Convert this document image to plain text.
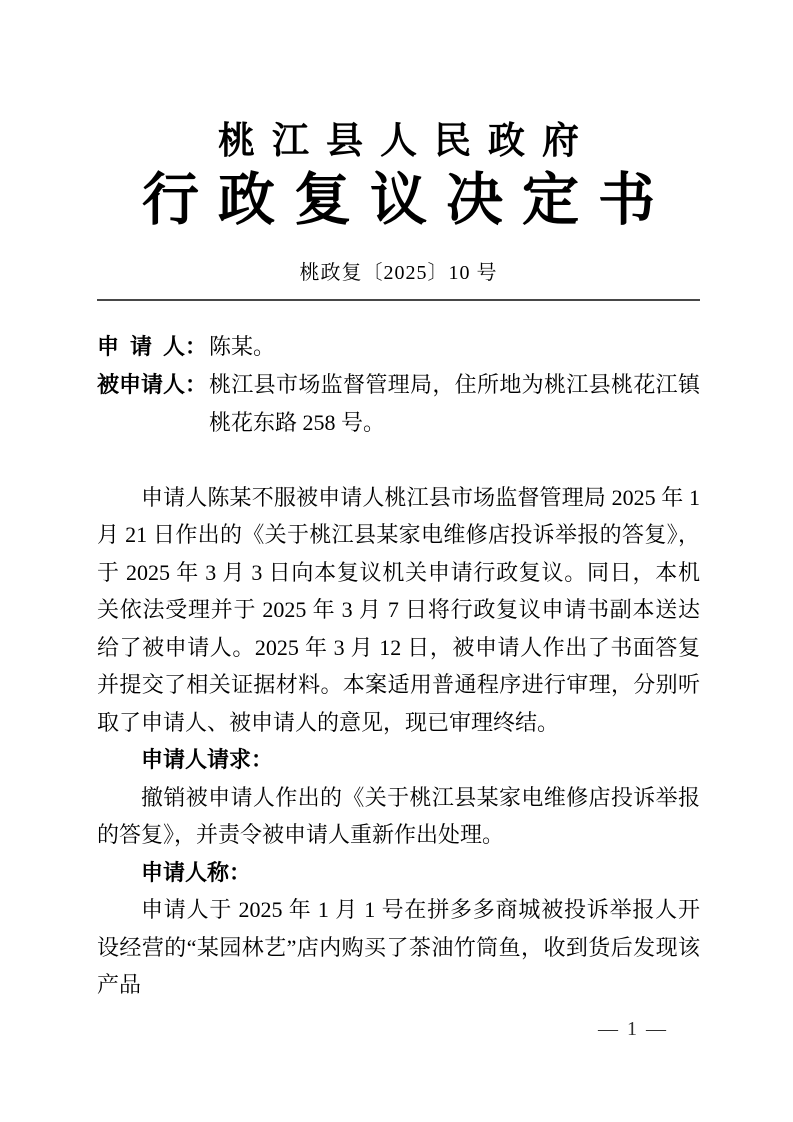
桃江县人民政府
行政复议决定书
桃政复〔2025〕10 号
申请人： 陈某。
被申请人： 桃江县市场监督管理局，住所地为桃江县桃花江镇桃花东路 258 号。

申请人陈某不服被申请人桃江县市场监督管理局 2025 年 1 月 21 日作出的《关于桃江县某家电维修店投诉举报的答复》，于 2025 年 3 月 3 日向本复议机关申请行政复议。同日，本机关依法受理并于 2025 年 3 月 7 日将行政复议申请书副本送达给了被申请人。2025 年 3 月 12 日，被申请人作出了书面答复并提交了相关证据材料。本案适用普通程序进行审理，分别听取了申请人、被申请人的意见，现已审理终结。

申请人请求：

撤销被申请人作出的《关于桃江县某家电维修店投诉举报的答复》，并责令被申请人重新作出处理。

申请人称：

申请人于 2025 年 1 月 1 号在拼多多商城被投诉举报人开设经营的“某园林艺”店内购买了茶油竹筒鱼，收到货后发现该产品

— 1 —
